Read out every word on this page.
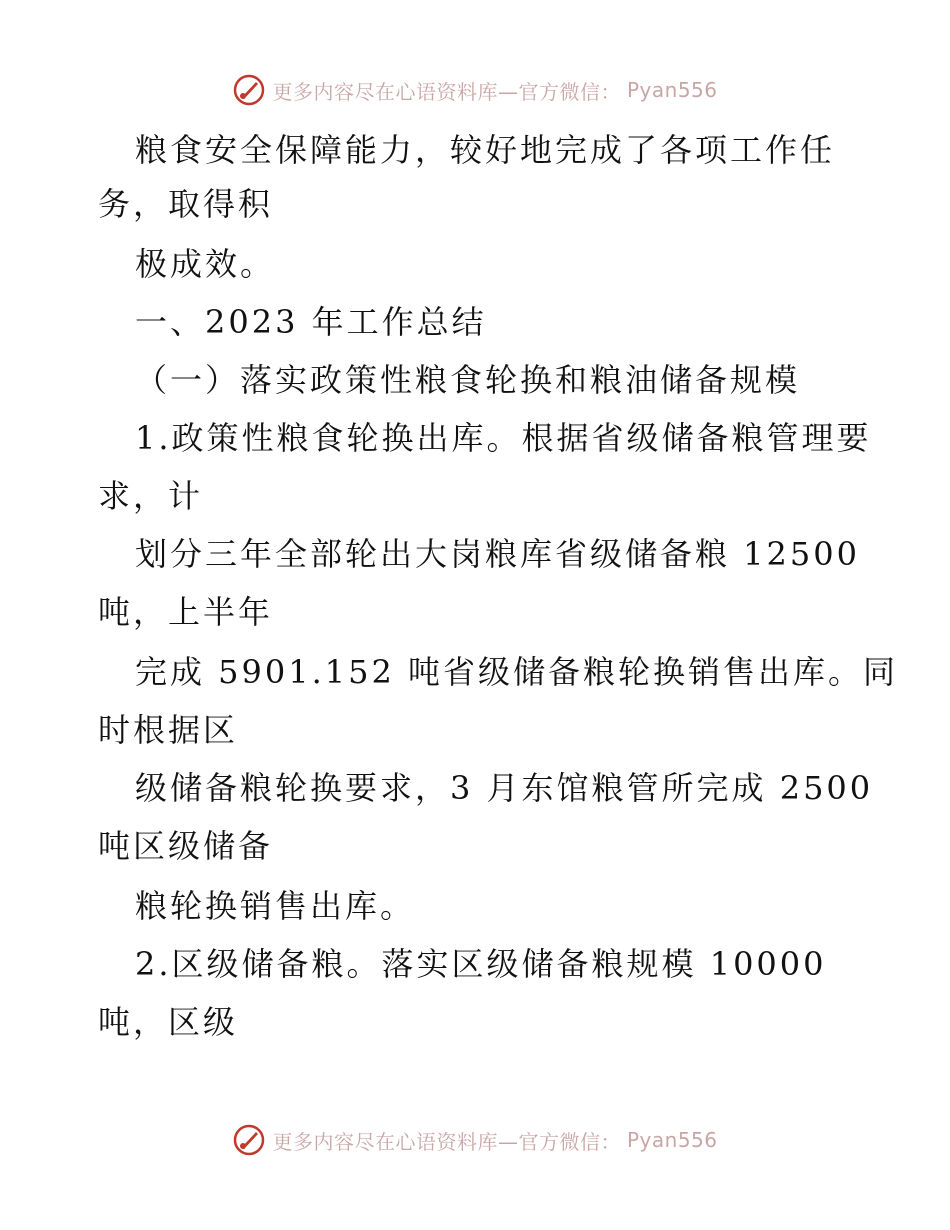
更多内容尽在心语资料库—官方微信： Pyan556
粮食安全保障能力，较好地完成了各项工作任
务，取得积
极成效。
一、2023 年工作总结
（一）落实政策性粮食轮换和粮油储备规模
1.政策性粮食轮换出库。根据省级储备粮管理要
求，计
划分三年全部轮出大岗粮库省级储备粮 12500
吨，上半年
完成 5901.152 吨省级储备粮轮换销售出库。同
时根据区
级储备粮轮换要求，3 月东馆粮管所完成 2500
吨区级储备
粮轮换销售出库。
2.区级储备粮。落实区级储备粮规模 10000
吨，区级
更多内容尽在心语资料库—官方微信： Pyan556
